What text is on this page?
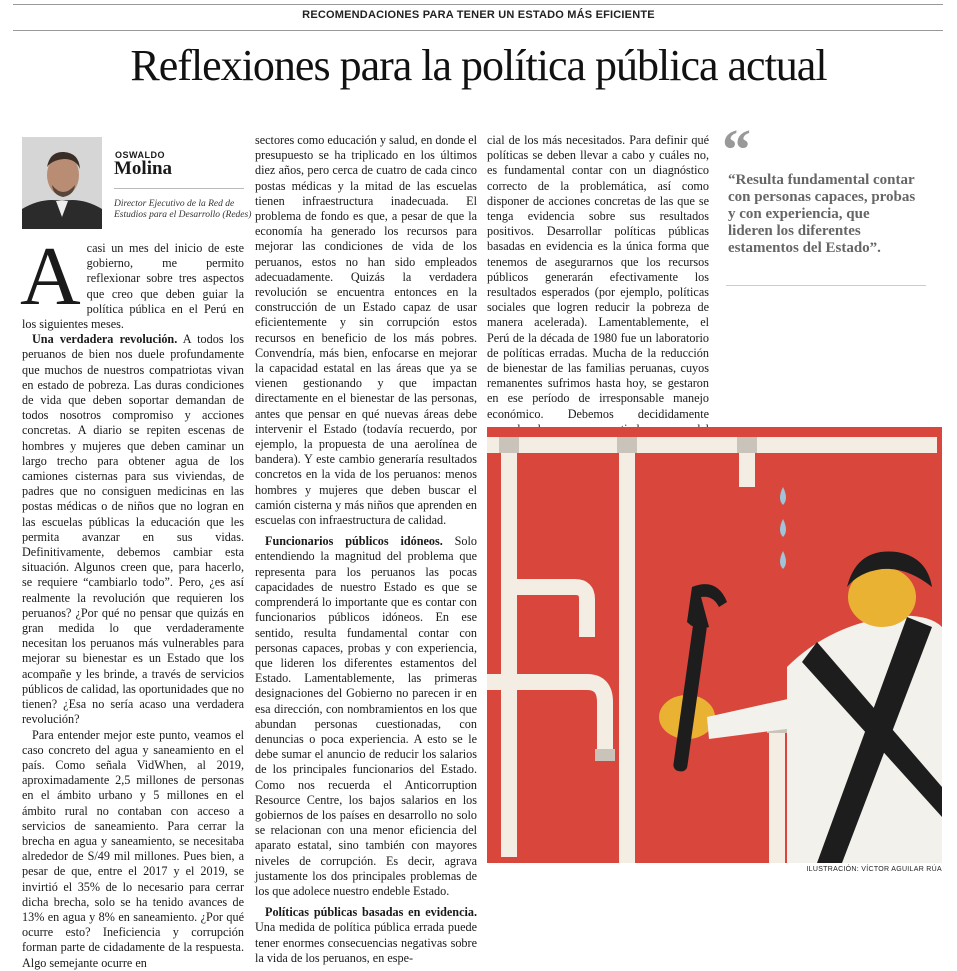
RECOMENDACIONES PARA TENER UN ESTADO MÁS EFICIENTE
Reflexiones para la política pública actual
OSWALDO
Molina
Director Ejecutivo de la Red de Estudios para el Desarrollo (Redes)

Acasi un mes del inicio de este gobierno, me permito reflexionar sobre tres aspectos que creo que deben guiar la política pública en el Perú en los siguientes meses.

Una verdadera revolución. A todos los peruanos de bien nos duele profundamente que muchos de nuestros compatriotas vivan en estado de pobreza. Las duras condiciones de vida que deben soportar demandan de todos nosotros compromiso y acciones concretas. A diario se repiten escenas de hombres y mujeres que deben caminar un largo trecho para obtener agua de los camiones cisternas para sus viviendas, de padres que no consiguen medicinas en las postas médicas o de niños que no logran en las escuelas públicas la educación que les permita avanzar en sus vidas. Definitivamente, debemos cambiar esta situación. Algunos creen que, para hacerlo, se requiere “cambiarlo todo”. Pero, ¿es así realmente la revolución que requieren los peruanos? ¿Por qué no pensar que quizás en gran medida lo que verdaderamente necesitan los peruanos más vulnerables para mejorar su bienestar es un Estado que los acompañe y les brinde, a través de servicios públicos de calidad, las oportunidades que no tienen? ¿Esa no sería acaso una verdadera revolución?

Para entender mejor este punto, veamos el caso concreto del agua y saneamiento en el país. Como señala VidWhen, al 2019, aproximadamente 2,5 millones de personas en el ámbito urbano y 5 millones en el ámbito rural no contaban con acceso a servicios de saneamiento. Para cerrar la brecha en agua y saneamiento, se necesitaba alrededor de S/49 mil millones. Pues bien, a pesar de que, entre el 2017 y el 2019, se invirtió el 35% de lo necesario para cerrar dicha brecha, solo se ha tenido avances de 13% en agua y 8% en saneamiento. ¿Por qué ocurre esto? Ineficiencia y corrupción forman parte de cidadamente de la respuesta. Algo semejante ocurre en

sectores como educación y salud, en donde el presupuesto se ha triplicado en los últimos diez años, pero cerca de cuatro de cada cinco postas médicas y la mitad de las escuelas tienen infraestructura inadecuada. El problema de fondo es que, a pesar de que la economía ha generado los recursos para mejorar las condiciones de vida de los peruanos, estos no han sido empleados adecuadamente. Quizás la verdadera revolución se encuentra entonces en la construcción de un Estado capaz de usar eficientemente y sin corrupción estos recursos en beneficio de los más pobres. Convendría, más bien, enfocarse en mejorar la capacidad estatal en las áreas que ya se vienen gestionando y que impactan directamente en el bienestar de las personas, antes que pensar en qué nuevas áreas debe intervenir el Estado (todavía recuerdo, por ejemplo, la propuesta de una aerolínea de bandera). Y este cambio generaría resultados concretos en la vida de los peruanos: menos hombres y mujeres que deben buscar el camión cisterna y más niños que aprenden en escuelas con infraestructura de calidad.

Funcionarios públicos idóneos. Solo entendiendo la magnitud del problema que representa para los peruanos las pocas capacidades de nuestro Estado es que se comprenderá lo importante que es contar con funcionarios públicos idóneos. En ese sentido, resulta fundamental contar con personas capaces, probas y con experiencia, que lideren los diferentes estamentos del Estado. Lamentablemente, las primeras designaciones del Gobierno no parecen ir en esa dirección, con nombramientos en los que abundan personas cuestionadas, con denuncias o poca experiencia. A esto se le debe sumar el anuncio de reducir los salarios de los principales funcionarios del Estado. Como nos recuerda el Anticorruption Resource Centre, los bajos salarios en los gobiernos de los países en desarrollo no solo se relacionan con una menor eficiencia del aparato estatal, sino también con mayores niveles de corrupción. Es decir, agrava justamente los dos principales problemas de los que adolece nuestro endeble Estado.

Políticas públicas basadas en evidencia. Una medida de política pública errada puede tener enormes consecuencias negativas sobre la vida de los peruanos, en espe-

cial de los más necesitados. Para definir qué políticas se deben llevar a cabo y cuáles no, es fundamental contar con un diagnóstico correcto de la problemática, así como disponer de acciones concretas de las que se tenga evidencia sobre sus resultados positivos. Desarrollar políticas públicas basadas en evidencia es la única forma que tenemos de asegurarnos que los recursos públicos generarán efectivamente los resultados esperados (por ejemplo, políticas sociales que logren reducir la pobreza de manera acelerada). Lamentablemente, el Perú de la década de 1980 fue un laboratorio de políticas erradas. Mucha de la reducción de bienestar de las familias peruanas, cuyos remanentes sufrimos hasta hoy, se gestaron en ese período de irresponsable manejo económico. Debemos decididamente

“
“Resulta fundamental contar con personas capaces, probas y con experiencia, que lideren los diferentes estamentos del Estado”.
ILUSTRACIÓN: VÍCTOR AGUILAR RÚA
